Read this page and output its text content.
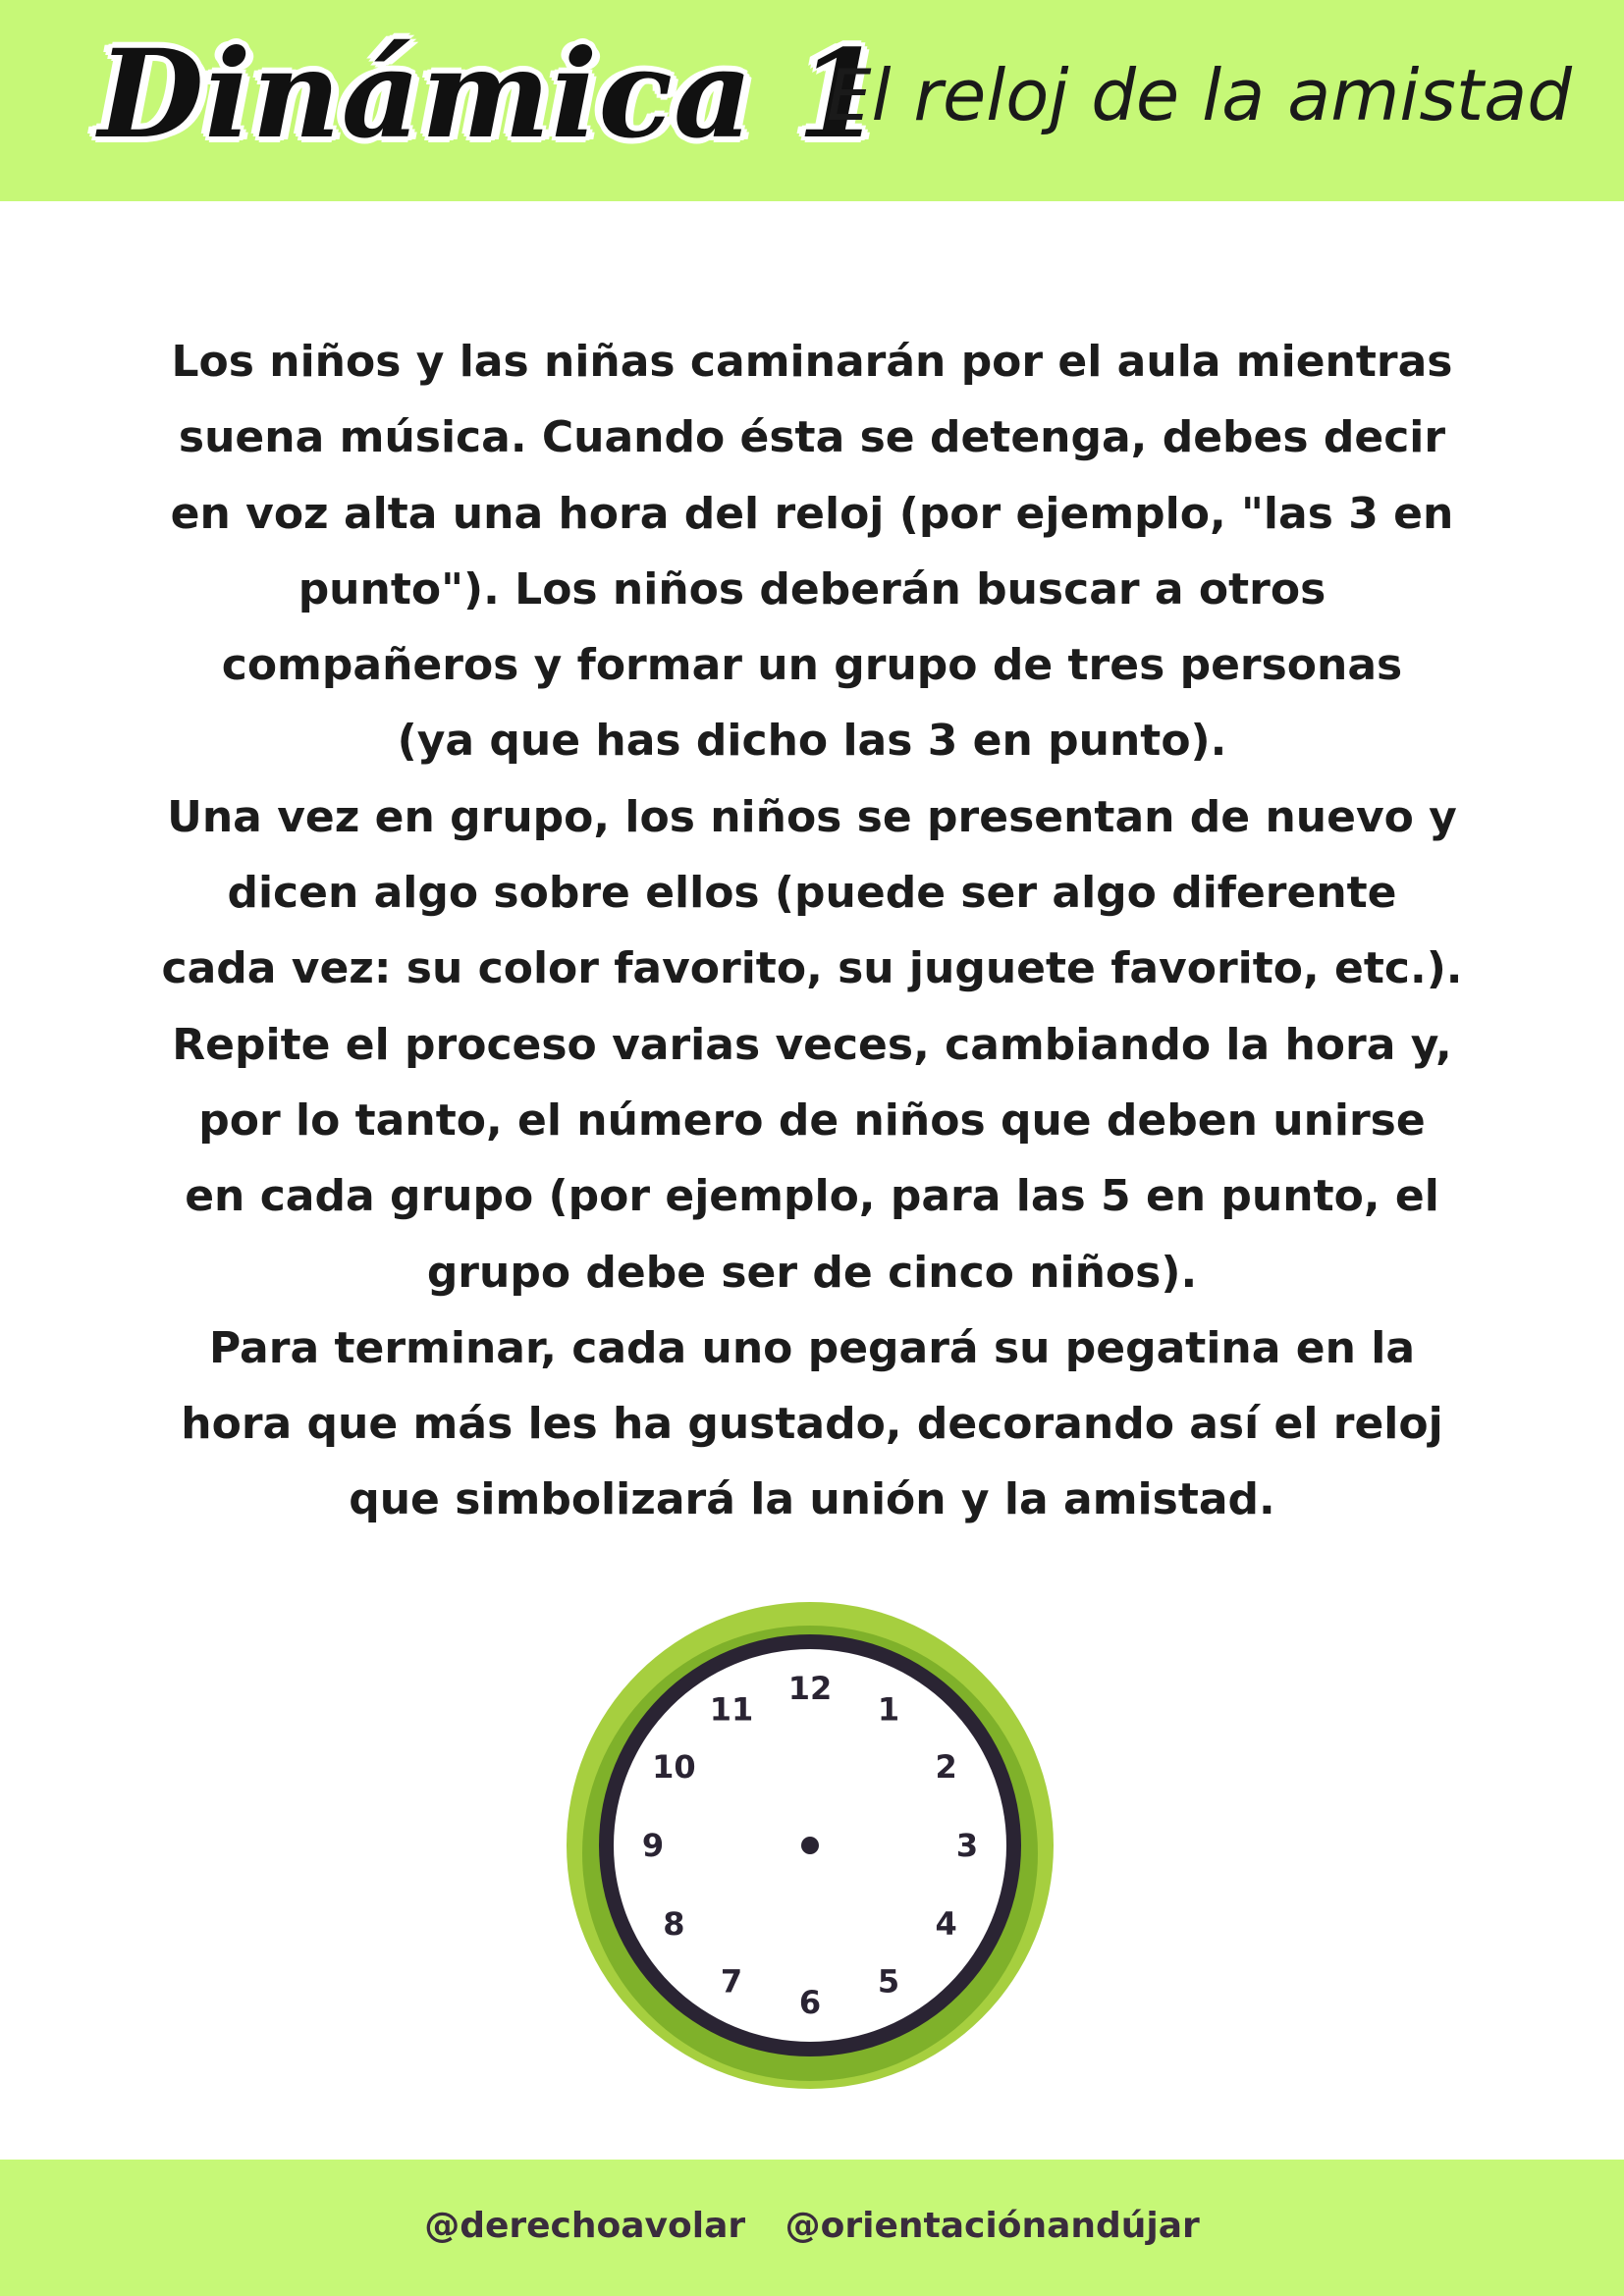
Dinámica 1
El reloj de la amistad
Los niños y las niñas caminarán por el aula mientras
suena música. Cuando ésta se detenga, debes decir
en voz alta una hora del reloj (por ejemplo, "las 3 en
punto"). Los niños deberán buscar a otros
compañeros y formar un grupo de tres personas
(ya que has dicho las 3 en punto).
Una vez en grupo, los niños se presentan de nuevo y
dicen algo sobre ellos (puede ser algo diferente
cada vez: su color favorito, su juguete favorito, etc.).
Repite el proceso varias veces, cambiando la hora y,
por lo tanto, el número de niños que deben unirse
en cada grupo (por ejemplo, para las 5 en punto, el
grupo debe ser de cinco niños).
Para terminar, cada uno pegará su pegatina en la
hora que más les ha gustado, decorando así el reloj
que simbolizará la unión y la amistad.
12
1
2
3
4
5
6
7
8
9
10
11
@derechoavolar @orientaciónandújar
